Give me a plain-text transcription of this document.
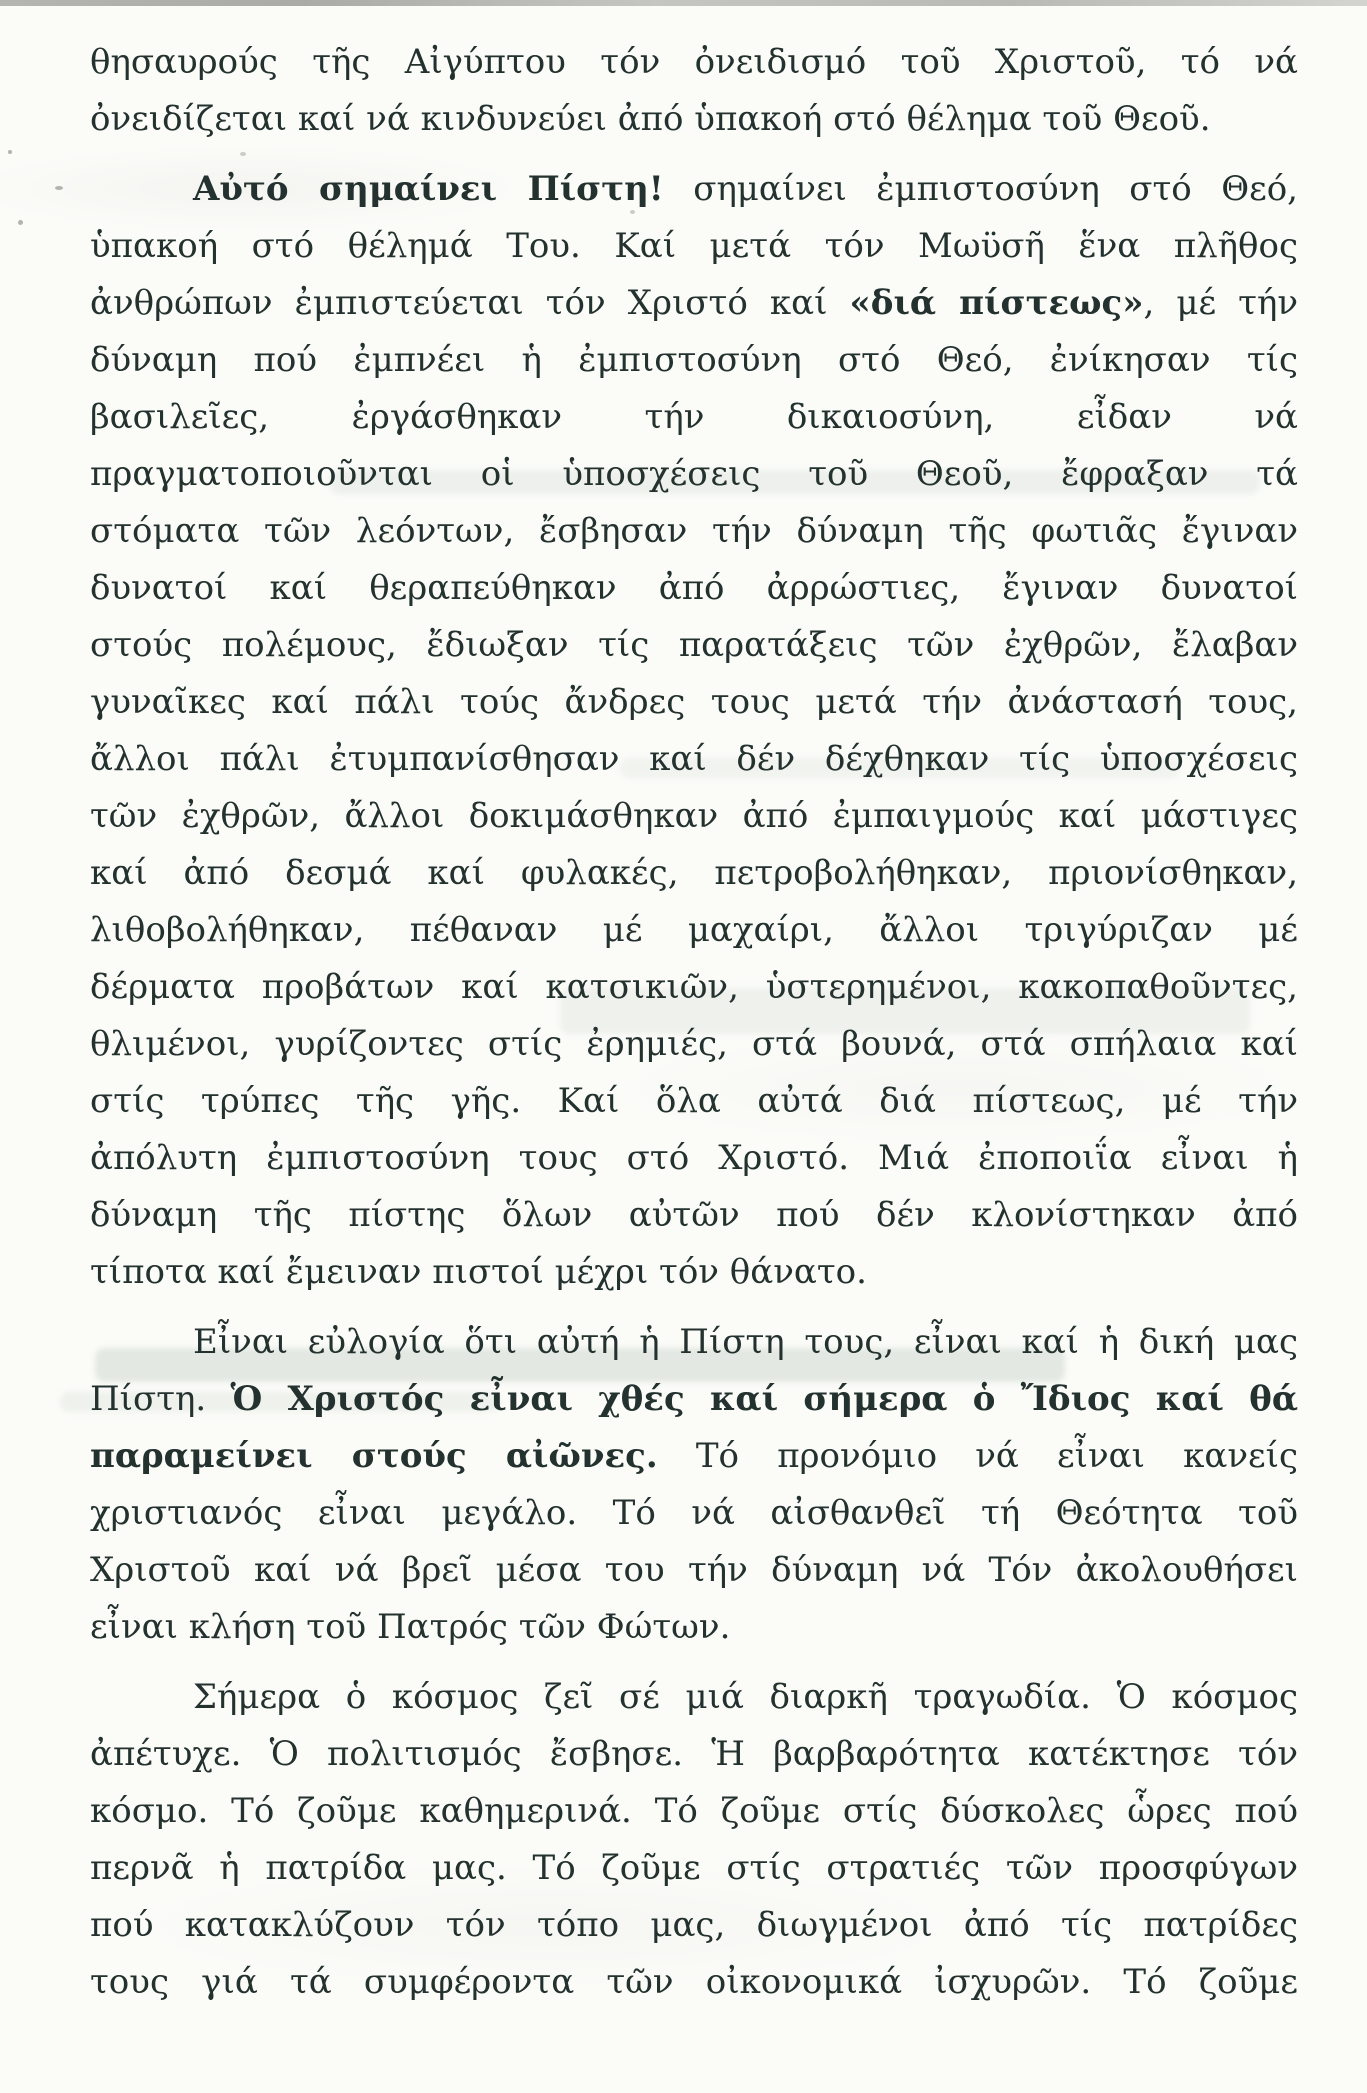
θησαυρούς τῆς Αἰγύπτου τόν ὀνειδισμό τοῦ Χριστοῦ, τό νά
ὀνειδίζεται καί νά κινδυνεύει ἀπό ὑπακοή στό θέλημα τοῦ Θεοῦ.
Αὐτό σημαίνει Πίστη! σημαίνει ἐμπιστοσύνη στό Θεό,
ὑπακοή στό θέλημά Του. Καί μετά τόν Μωϋσῆ ἕνα πλῆθος
ἀνθρώπων ἐμπιστεύεται τόν Χριστό καί «διά πίστεως», μέ τήν
δύναμη πού ἐμπνέει ἡ ἐμπιστοσύνη στό Θεό, ἐνίκησαν τίς
βασιλεῖες, ἐργάσθηκαν τήν δικαιοσύνη, εἶδαν νά
πραγματοποιοῦνται οἱ ὑποσχέσεις τοῦ Θεοῦ, ἔφραξαν τά
στόματα τῶν λεόντων, ἔσβησαν τήν δύναμη τῆς φωτιᾶς ἔγιναν
δυνατοί καί θεραπεύθηκαν ἀπό ἀρρώστιες, ἔγιναν δυνατοί
στούς πολέμους, ἔδιωξαν τίς παρατάξεις τῶν ἐχθρῶν, ἔλαβαν
γυναῖκες καί πάλι τούς ἄνδρες τους μετά τήν ἀνάστασή τους,
ἄλλοι πάλι ἐτυμπανίσθησαν καί δέν δέχθηκαν τίς ὑποσχέσεις
τῶν ἐχθρῶν, ἄλλοι δοκιμάσθηκαν ἀπό ἐμπαιγμούς καί μάστιγες
καί ἀπό δεσμά καί φυλακές, πετροβολήθηκαν, πριονίσθηκαν,
λιθοβολήθηκαν, πέθαναν μέ μαχαίρι, ἄλλοι τριγύριζαν μέ
δέρματα προβάτων καί κατσικιῶν, ὑστερημένοι, κακοπαθοῦντες,
θλιμένοι, γυρίζοντες στίς ἐρημιές, στά βουνά, στά σπήλαια καί
στίς τρύπες τῆς γῆς. Καί ὅλα αὐτά διά πίστεως, μέ τήν
ἀπόλυτη ἐμπιστοσύνη τους στό Χριστό. Μιά ἐποποιΐα εἶναι ἡ
δύναμη τῆς πίστης ὅλων αὐτῶν πού δέν κλονίστηκαν ἀπό
τίποτα καί ἔμειναν πιστοί μέχρι τόν θάνατο.
Εἶναι εὐλογία ὅτι αὐτή ἡ Πίστη τους, εἶναι καί ἡ δική μας
Πίστη. Ὁ Χριστός εἶναι χθές καί σήμερα ὁ Ἴδιος καί θά
παραμείνει στούς αἰῶνες. Τό προνόμιο νά εἶναι κανείς
χριστιανός εἶναι μεγάλο. Τό νά αἰσθανθεῖ τή Θεότητα τοῦ
Χριστοῦ καί νά βρεῖ μέσα του τήν δύναμη νά Τόν ἀκολουθήσει
εἶναι κλήση τοῦ Πατρός τῶν Φώτων.
Σήμερα ὁ κόσμος ζεῖ σέ μιά διαρκῆ τραγωδία. Ὁ κόσμος
ἀπέτυχε. Ὁ πολιτισμός ἔσβησε. Ἡ βαρβαρότητα κατέκτησε τόν
κόσμο. Τό ζοῦμε καθημερινά. Τό ζοῦμε στίς δύσκολες ὧρες πού
περνᾶ ἡ πατρίδα μας. Τό ζοῦμε στίς στρατιές τῶν προσφύγων
πού κατακλύζουν τόν τόπο μας, διωγμένοι ἀπό τίς πατρίδες
τους γιά τά συμφέροντα τῶν οἰκονομικά ἰσχυρῶν. Τό ζοῦμε
